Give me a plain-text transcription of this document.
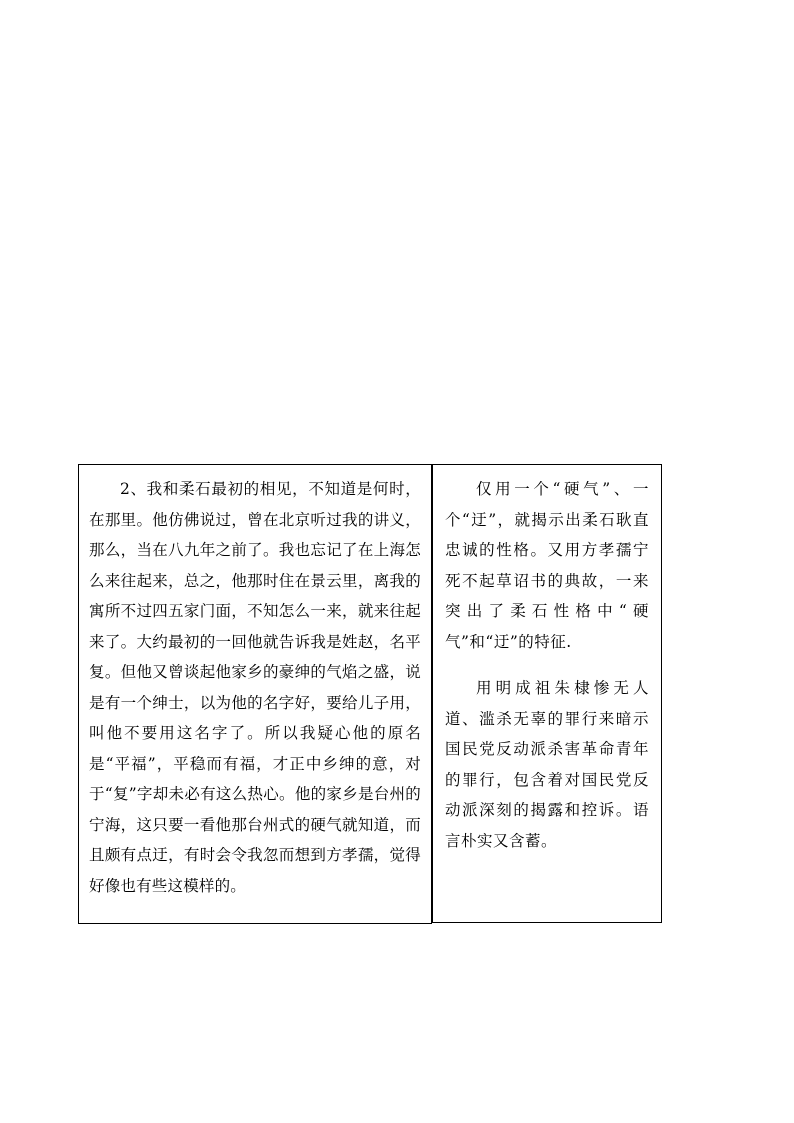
2、我和柔石最初的相见，不知道是何时，在那里。他仿佛说过，曾在北京听过我的讲义，那么，当在八九年之前了。我也忘记了在上海怎么来往起来，总之，他那时住在景云里，离我的寓所不过四五家门面，不知怎么一来，就来往起来了。大约最初的一回他就告诉我是姓赵，名平复。但他又曾谈起他家乡的豪绅的气焰之盛，说是有一个绅士，以为他的名字好，要给儿子用，叫他不要用这名字了。所以我疑心他的原名是“平福”，平稳而有福，才正中乡绅的意，对于“复”字却未必有这么热心。他的家乡是台州的宁海，这只要一看他那台州式的硬气就知道，而且颇有点迂，有时会令我忽而想到方孝孺，觉得好像也有些这模样的。

仅用一个“硬气”、一个“迂”，就揭示出柔石耿直忠诚的性格。又用方孝孺宁死不起草诏书的典故，一来突出了柔石性格中“硬气”和“迂”的特征.

用明成祖朱棣惨无人道、滥杀无辜的罪行来暗示国民党反动派杀害革命青年的罪行，包含着对国民党反动派深刻的揭露和控诉。语言朴实又含蓄。
